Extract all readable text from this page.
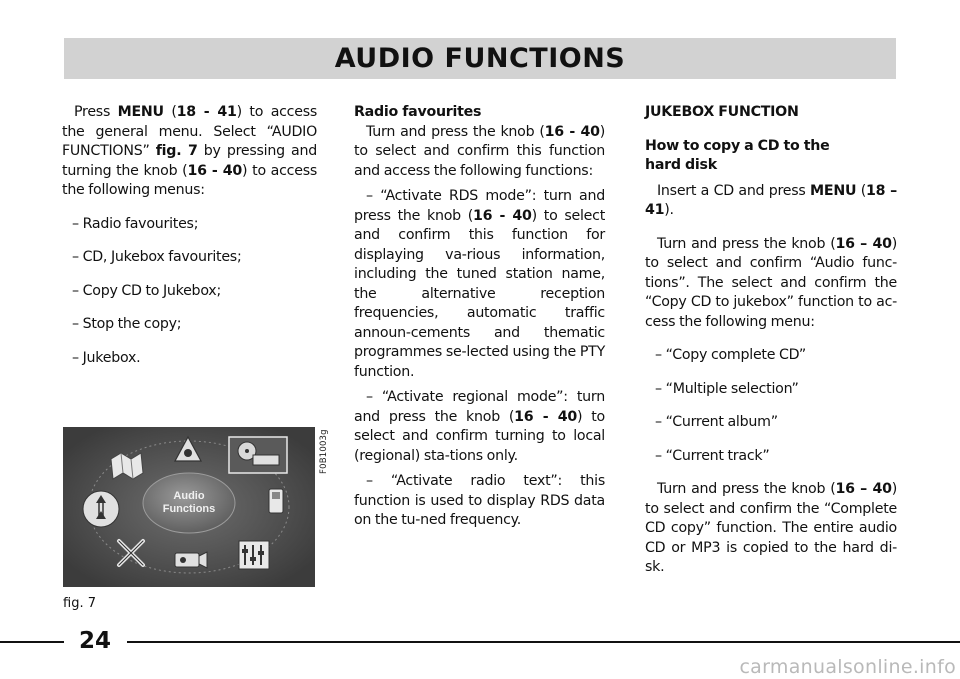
AUDIO FUNCTIONS

Press MENU (18 - 41) to access the general menu. Select “AUDIO FUNCTIONS” fig. 7 by pressing and turning the knob (16 - 40) to access the following menus:

– Radio favourites;

– CD, Jukebox favourites;

– Copy CD to Jukebox;

– Stop the copy;

– Jukebox.

Audio
Functions
F0B1003g
fig. 7

Radio favourites

Turn and press the knob (16 - 40) to select and confirm this function and access the following functions:

– “Activate RDS mode”: turn and press the knob (16 - 40) to select and confirm this function for displaying va-rious information, including the tuned station name, the alternative reception frequencies, automatic traffic announ-cements and thematic programmes se-lected using the PTY function.

– “Activate regional mode”: turn and press the knob (16 - 40) to select and confirm turning to local (regional) sta-tions only.

– “Activate radio text”: this function is used to display RDS data on the tu-ned frequency.

JUKEBOX FUNCTION

How to copy a CD to the
hard disk

Insert a CD and press MENU (18 – 41).

Turn and press the knob (16 – 40) to select and confirm “Audio func-tions”. The select and confirm the “Copy CD to jukebox” function to ac-cess the following menu:

– “Copy complete CD”

– “Multiple selection”

– “Current album”

– “Current track”

Turn and press the knob (16 – 40) to select and confirm the “Complete CD copy” function. The entire audio CD or MP3 is copied to the hard di-sk.

24
carmanualsonline.info
